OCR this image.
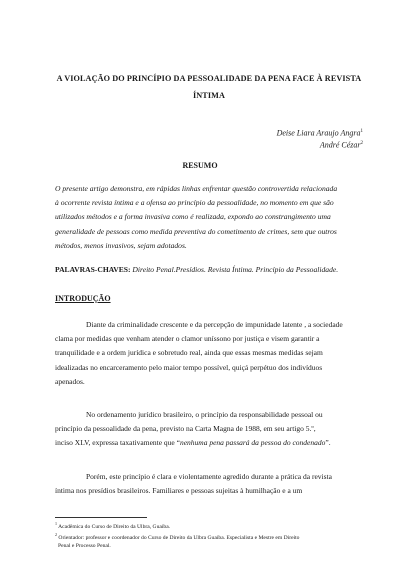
A VIOLAÇÃO DO PRINCÍPIO DA PESSOALIDADE DA PENA FACE À REVISTA
ÍNTIMA
Deise Liara Araujo Angra$^1$
André Cézar$^2$
RESUMO
O presente artigo demonstra, em rápidas linhas enfrentar questão controvertida relacionada
à ocorrente revista íntima e a ofensa ao princípio da pessoalidade, no momento em que são
utilizados métodos e a forma invasiva como é realizada, expondo ao constrangimento uma
generalidade de pessoas como medida preventiva do cometimento de crimes, sem que outros
métodos, menos invasivos, sejam adotados.
PALAVRAS-CHAVES: Direito Penal.Presídios. Revista Íntima. Princípio da Pessoalidade.
INTRODUÇÃO
Diante da criminalidade crescente e da percepção de impunidade latente , a sociedade
clama por medidas que venham atender o clamor uníssono por justiça e visem garantir a
tranquilidade e a ordem jurídica e sobretudo real, ainda que essas mesmas medidas sejam
idealizadas no encarceramento pelo maior tempo possível, quiçá perpétuo dos indivíduos
apenados.
No ordenamento jurídico brasileiro, o princípio da responsabilidade pessoal ou
princípio da pessoalidade da pena, previsto na Carta Magna de 1988, em seu artigo 5.º,
inciso XLV, expressa taxativamente que “nenhuma pena passará da pessoa do condenado”.
Porém, este princípio é clara e violentamente agredido durante a prática da revista
íntima nos presídios brasileiros. Familiares e pessoas sujeitas à humilhação e a um
$^1$ Acadêmica do Curso de Direito da Ulbra, Guaíba.
$^2$ Orientador: professor e coordenador do Curso de Direito da Ulbra Guaíba. Especialista e Mestre em Direito
Penal e Processo Penal.
